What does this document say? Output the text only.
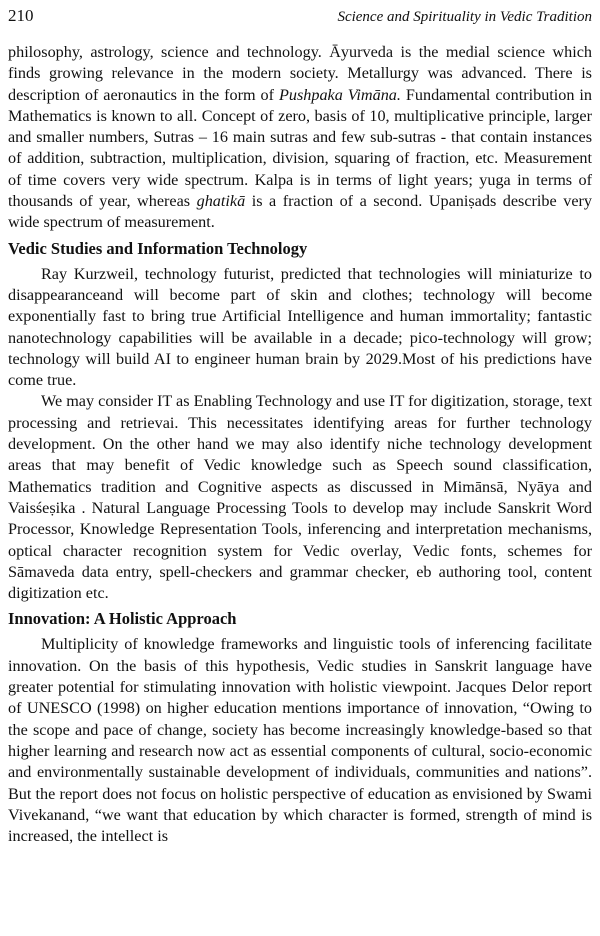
210	Science and Spirituality in Vedic Tradition

philosophy, astrology, science and technology. Āyurveda is the medial science which finds growing relevance in the modern society. Metallurgy was advanced. There is description of aeronautics in the form of Pushpaka Vimāna. Fundamental contribution in Mathematics is known to all. Concept of zero, basis of 10, multiplicative principle, larger and smaller numbers, Sutras – 16 main sutras and few sub-sutras - that contain instances of addition, subtraction, multiplication, division, squaring of fraction, etc. Measurement of time covers very wide spectrum. Kalpa is in terms of light years; yuga in terms of thousands of year, whereas ghatikā is a fraction of a second. Upaniṣads describe very wide spectrum of measurement.

Vedic Studies and Information Technology

Ray Kurzweil, technology futurist, predicted that technologies will miniaturize to disappearanceand will become part of skin and clothes; technology will become exponentially fast to bring true Artificial Intelligence and human immortality; fantastic nanotechnology capabilities will be available in a decade; pico-technology will grow; technology will build AI to engineer human brain by 2029.Most of his predictions have come true.

We may consider IT as Enabling Technology and use IT for digitization, storage, text processing and retrievai. This necessitates identifying areas for further technology development. On the other hand we may also identify niche technology development areas that may benefit of Vedic knowledge such as Speech sound classification, Mathematics tradition and Cognitive aspects as discussed in Mimānsā, Nyāya and Vaisśeṣika . Natural Language Processing Tools to develop may include Sanskrit Word Processor, Knowledge Representation Tools, inferencing and interpretation mechanisms, optical character recognition system for Vedic overlay, Vedic fonts, schemes for Sāmaveda data entry, spell-checkers and grammar checker, eb authoring tool, content digitization etc.

Innovation: A Holistic Approach

Multiplicity of knowledge frameworks and linguistic tools of inferencing facilitate innovation. On the basis of this hypothesis, Vedic studies in Sanskrit language have greater potential for stimulating innovation with holistic viewpoint. Jacques Delor report of UNESCO (1998) on higher education mentions importance of innovation, “Owing to the scope and pace of change, society has become increasingly knowledge-based so that higher learning and research now act as essential components of cultural, socio-economic and environmentally sustainable development of individuals, communities and nations”. But the report does not focus on holistic perspective of education as envisioned by Swami Vivekanand, “we want that education by which character is formed, strength of mind is increased, the intellect is
